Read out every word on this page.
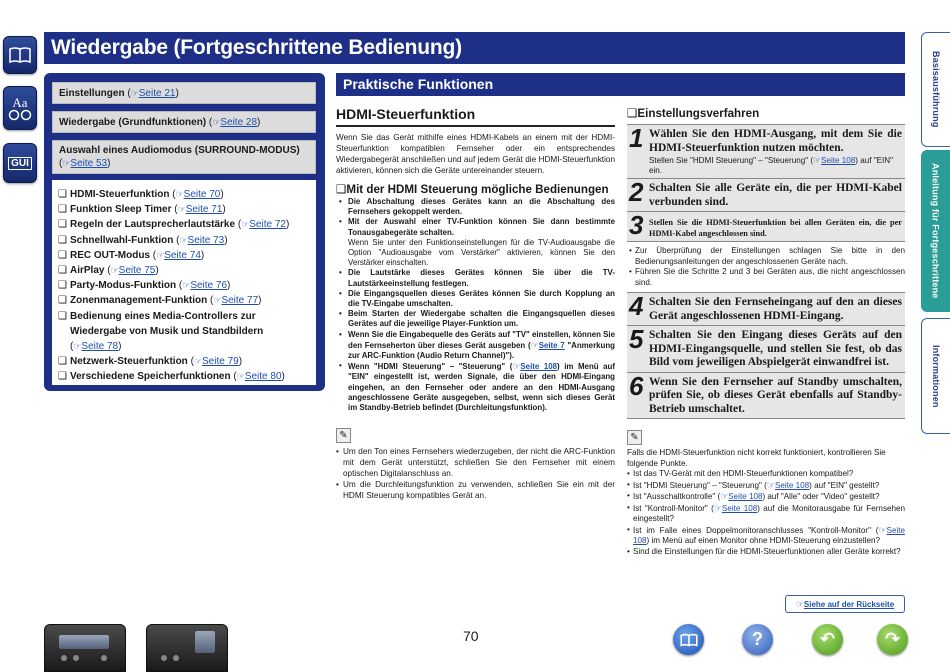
Aa
GUI
Wiedergabe (Fortgeschrittene Bedienung)
Basisausführung
Anleitung für Fortgeschrittene
Informationen
Einstellungen (☞Seite 21)
Wiedergabe (Grundfunktionen) (☞Seite 28)
Auswahl eines Audiomodus (SURROUND-MODUS)
(☞Seite 53)
❑ HDMI-Steuerfunktion (☞Seite 70)
❑ Funktion Sleep Timer (☞Seite 71)
❑ Regeln der Lautsprecherlautstärke (☞Seite 72)
❑ Schnellwahl-Funktion (☞Seite 73)
❑ REC OUT-Modus (☞Seite 74)
❑ AirPlay (☞Seite 75)
❑ Party-Modus-Funktion (☞Seite 76)
❑ Zonenmanagement-Funktion (☞Seite 77)
❑ Bedienung eines Media-Controllers zur
Wiedergabe von Musik und Standbildern
(☞Seite 78)
❑ Netzwerk-Steuerfunktion (☞Seite 79)
❑ Verschiedene Speicherfunktionen (☞Seite 80)
Praktische Funktionen
HDMI-Steuerfunktion
Wenn Sie das Gerät mithilfe eines HDMI-Kabels an einem mit der HDMI-Steuerfunktion kompatiblen Fernseher oder ein entsprechendes Wiedergabegerät anschließen und auf jedem Gerät die HDMI-Steuerfunktion aktivieren, können sich die Geräte untereinander steuern.
❑Mit der HDMI Steuerung mögliche Bedienungen
• Die Abschaltung dieses Gerätes kann an die Abschaltung des Fernsehers gekoppelt werden.
• Mit der Auswahl einer TV-Funktion können Sie dann bestimmte Tonausgabegeräte schalten.
Wenn Sie unter den Funktionseinstellungen für die TV-Audioausgabe die Option "Audioausgabe vom Verstärker" aktivieren, können Sie den Verstärker einschalten.
• Die Lautstärke dieses Gerätes können Sie über die TV-Lautstärkeeinstellung festlegen.
• Die Eingangsquellen dieses Gerätes können Sie durch Kopplung an die TV-Eingabe umschalten.
• Beim Starten der Wiedergabe schalten die Eingangsquellen dieses Gerätes auf die jeweilige Player-Funktion um.
• Wenn Sie die Eingabequelle des Geräts auf "TV" einstellen, können Sie den Fernseherton über dieses Gerät ausgeben (☞Seite 7 "Anmerkung zur ARC-Funktion (Audio Return Channel)").
• Wenn "HDMI Steuerung" – "Steuerung" (☞Seite 108) im Menü auf "EIN" eingestellt ist, werden Signale, die über den HDMI-Eingang eingehen, an den Fernseher oder andere an den HDMI-Ausgang angeschlossene Geräte ausgegeben, selbst, wenn sich dieses Gerät im Standby-Betrieb befindet (Durchleitungsfunktion).
✎
• Um den Ton eines Fernsehers wiederzugeben, der nicht die ARC-Funktion mit dem Gerät unterstützt, schließen Sie den Fernseher mit einem optischen Digitalanschluss an.
• Um die Durchleitungsfunktion zu verwenden, schließen Sie ein mit der HDMI Steuerung kompatibles Gerät an.
❑Einstellungsverfahren
1 Wählen Sie den HDMI-Ausgang, mit dem Sie die HDMI-Steuerfunktion nutzen möchten.
Stellen Sie "HDMI Steuerung" – "Steuerung" (☞Seite 108) auf "EIN" ein.
2 Schalten Sie alle Geräte ein, die per HDMI-Kabel verbunden sind.
3 Stellen Sie die HDMI-Steuerfunktion bei allen Geräten ein, die per HDMI-Kabel angeschlossen sind.
• Zur Überprüfung der Einstellungen schlagen Sie bitte in den Bedienungsanleitungen der angeschlossenen Geräte nach.
• Führen Sie die Schritte 2 und 3 bei Geräten aus, die nicht angeschlossen sind.
4 Schalten Sie den Fernseheingang auf den an dieses Gerät angeschlossenen HDMI-Eingang.
5 Schalten Sie den Eingang dieses Geräts auf den HDMI-Eingangsquelle, und stellen Sie fest, ob das Bild vom jeweiligen Abspielgerät einwandfrei ist.
6 Wenn Sie den Fernseher auf Standby umschalten, prüfen Sie, ob dieses Gerät ebenfalls auf Standby-Betrieb umschaltet.
✎
Falls die HDMI-Steuerfunktion nicht korrekt funktioniert, kontrollieren Sie folgende Punkte.
• Ist das TV-Gerät mit den HDMI-Steuerfunktionen kompatibel?
• Ist "HDMI Steuerung" – "Steuerung" (☞Seite 108) auf "EIN" gestellt?
• Ist "Ausschaltkontrolle" (☞Seite 108) auf "Alle" oder "Video" gestellt?
• Ist "Kontroll-Monitor" (☞Seite 108) auf die Monitorausgabe für Fernsehen eingestellt?
• Ist im Falle eines Doppelmonitoranschlusses "Kontroll-Monitor" (☞Seite 108) im Menü auf einen Monitor ohne HDMI-Steuerung einzustellen?
• Sind die Einstellungen für die HDMI-Steuerfunktionen aller Geräte korrekt?
☞ Siehe auf der Rückseite
70	?	↶	↷
